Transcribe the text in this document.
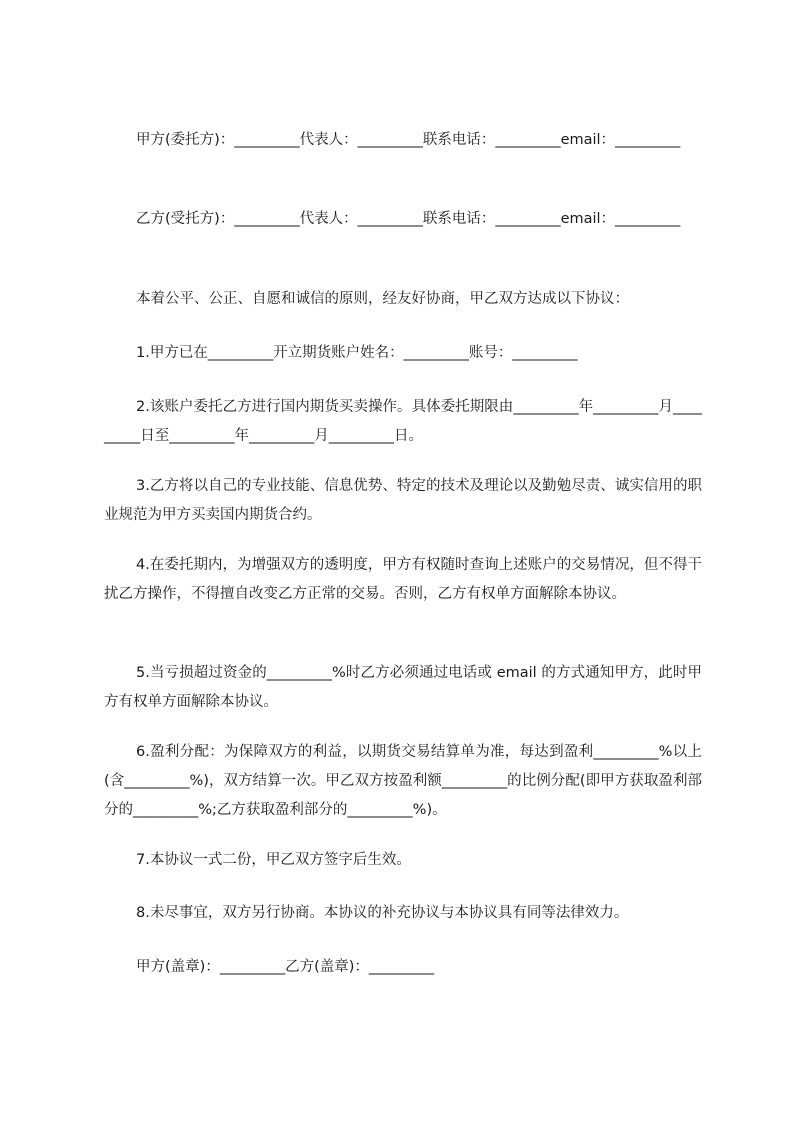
甲方(委托方)：_________代表人：_________联系电话：_________email：_________

乙方(受托方)：_________代表人：_________联系电话：_________email：_________

本着公平、公正、自愿和诚信的原则，经友好协商，甲乙双方达成以下协议：

1.甲方已在_________开立期货账户姓名：_________账号：_________

2.该账户委托乙方进行国内期货买卖操作。具体委托期限由_________年_________月_________日至_________年_________月_________日。

3.乙方将以自己的专业技能、信息优势、特定的技术及理论以及勤勉尽责、诚实信用的职业规范为甲方买卖国内期货合约。

4.在委托期内，为增强双方的透明度，甲方有权随时查询上述账户的交易情况，但不得干扰乙方操作，不得擅自改变乙方正常的交易。否则，乙方有权单方面解除本协议。

5.当亏损超过资金的_________%时乙方必须通过电话或 email 的方式通知甲方，此时甲方有权单方面解除本协议。

6.盈利分配：为保障双方的利益，以期货交易结算单为准，每达到盈利_________%以上(含_________%)，双方结算一次。甲乙双方按盈利额_________的比例分配(即甲方获取盈利部分的_________%;乙方获取盈利部分的_________%)。

7.本协议一式二份，甲乙双方签字后生效。

8.未尽事宜，双方另行协商。本协议的补充协议与本协议具有同等法律效力。

甲方(盖章)：_________乙方(盖章)：_________
